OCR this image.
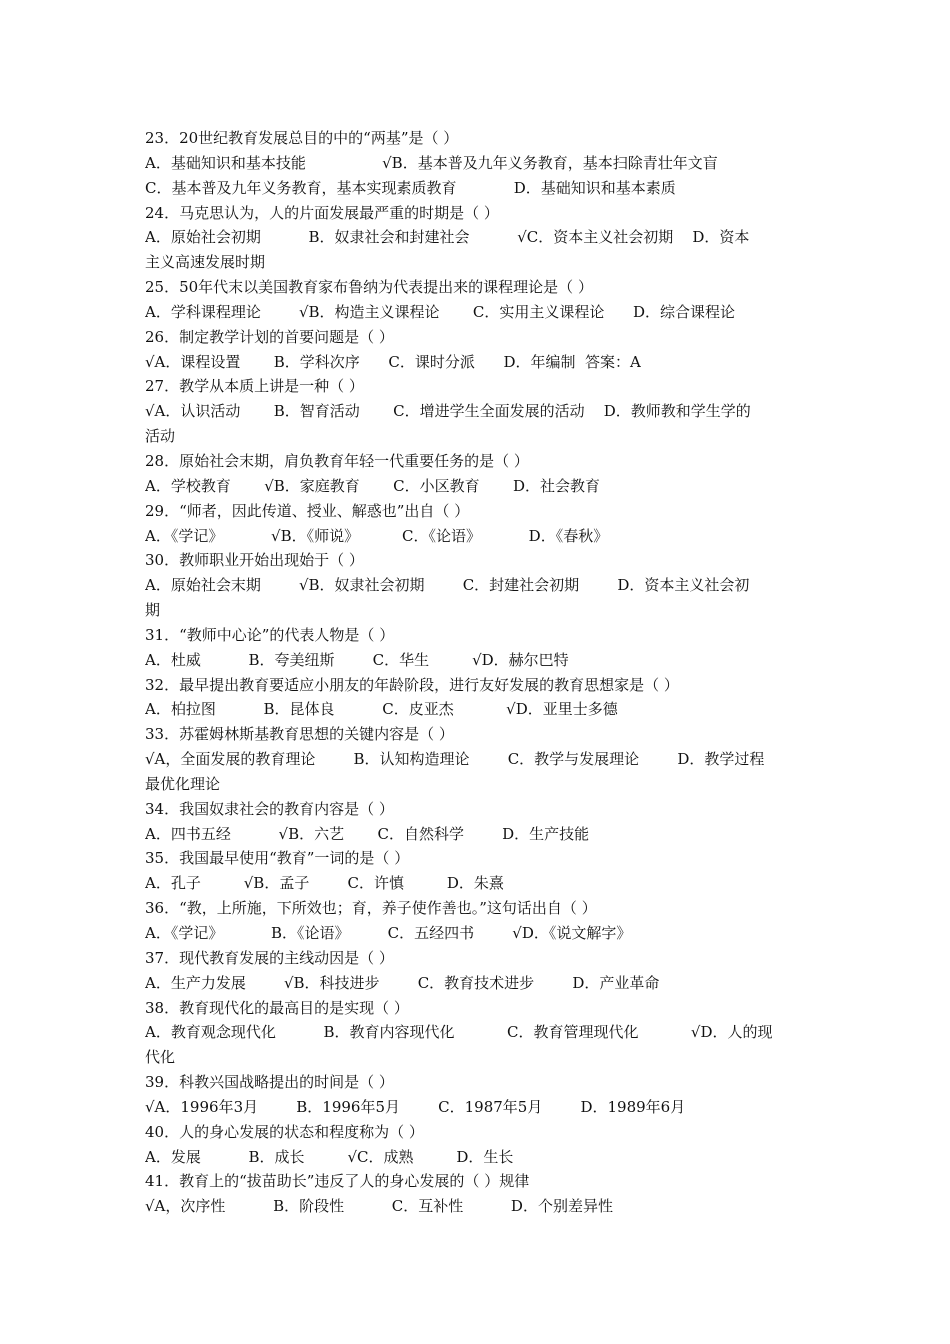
23．20世纪教育发展总目的中的“两基”是（ ）
A．基础知识和基本技能                √B．基本普及九年义务教育，基本扫除青壮年文盲
C．基本普及九年义务教育，基本实现素质教育            D．基础知识和基本素质
24．马克思认为，人的片面发展最严重的时期是（ ）
A．原始社会初期          B．奴隶社会和封建社会          √C．资本主义社会初期    D．资本
主义高速发展时期
25．50年代末以美国教育家布鲁纳为代表提出来的课程理论是（ ）
A．学科课程理论        √B．构造主义课程论       C．实用主义课程论      D．综合课程论
26．制定教学计划的首要问题是（ ）
√A．课程设置       B．学科次序      C．课时分派      D．年编制  答案：A
27．教学从本质上讲是一种（ ）
√A．认识活动       B．智育活动       C．增进学生全面发展的活动    D．教师教和学生学的
活动
28．原始社会末期，肩负教育年轻一代重要任务的是（ ）
A．学校教育       √B．家庭教育       C．小区教育       D．社会教育
29．“师者，因此传道、授业、解惑也”出自（ ）
A．《学记》          √B．《师说》         C．《论语》          D．《春秋》
30．教师职业开始出现始于（ ）
A．原始社会末期        √B．奴隶社会初期        C．封建社会初期        D．资本主义社会初
期
31．“教师中心论”的代表人物是（ ）
A．杜威          B．夸美纽斯        C．华生         √D．赫尔巴特
32．最早提出教育要适应小朋友的年龄阶段，进行友好发展的教育思想家是（ ）
A．柏拉图          B．昆体良          C．皮亚杰           √D．亚里士多德
33．苏霍姆林斯基教育思想的关键内容是（ ）
√A，全面发展的教育理论        B．认知构造理论        C．教学与发展理论        D．教学过程
最优化理论
34．我国奴隶社会的教育内容是（ ）
A．四书五经          √B．六艺       C．自然科学        D．生产技能
35．我国最早使用“教育”一词的是（ ）
A．孔子         √B．孟子        C．许慎         D．朱熹
36．“教，上所施，下所效也；育，养子使作善也。”这句话出自（ ）
A．《学记》          B．《论语》        C．五经四书        √D．《说文解字》
37．现代教育发展的主线动因是（ ）
A．生产力发展        √B．科技进步        C．教育技术进步        D．产业革命
38．教育现代化的最高目的是实现（ ）
A．教育观念现代化          B．教育内容现代化           C．教育管理现代化           √D．人的现
代化
39．科教兴国战略提出的时间是（ ）
√A．1996年3月        B．1996年5月        C．1987年5月        D．1989年6月
40．人的身心发展的状态和程度称为（ ）
A．发展          B．成长         √C．成熟         D．生长
41．教育上的“拔苗助长”违反了人的身心发展的（ ）规律
√A，次序性          B．阶段性          C．互补性          D．个别差异性
